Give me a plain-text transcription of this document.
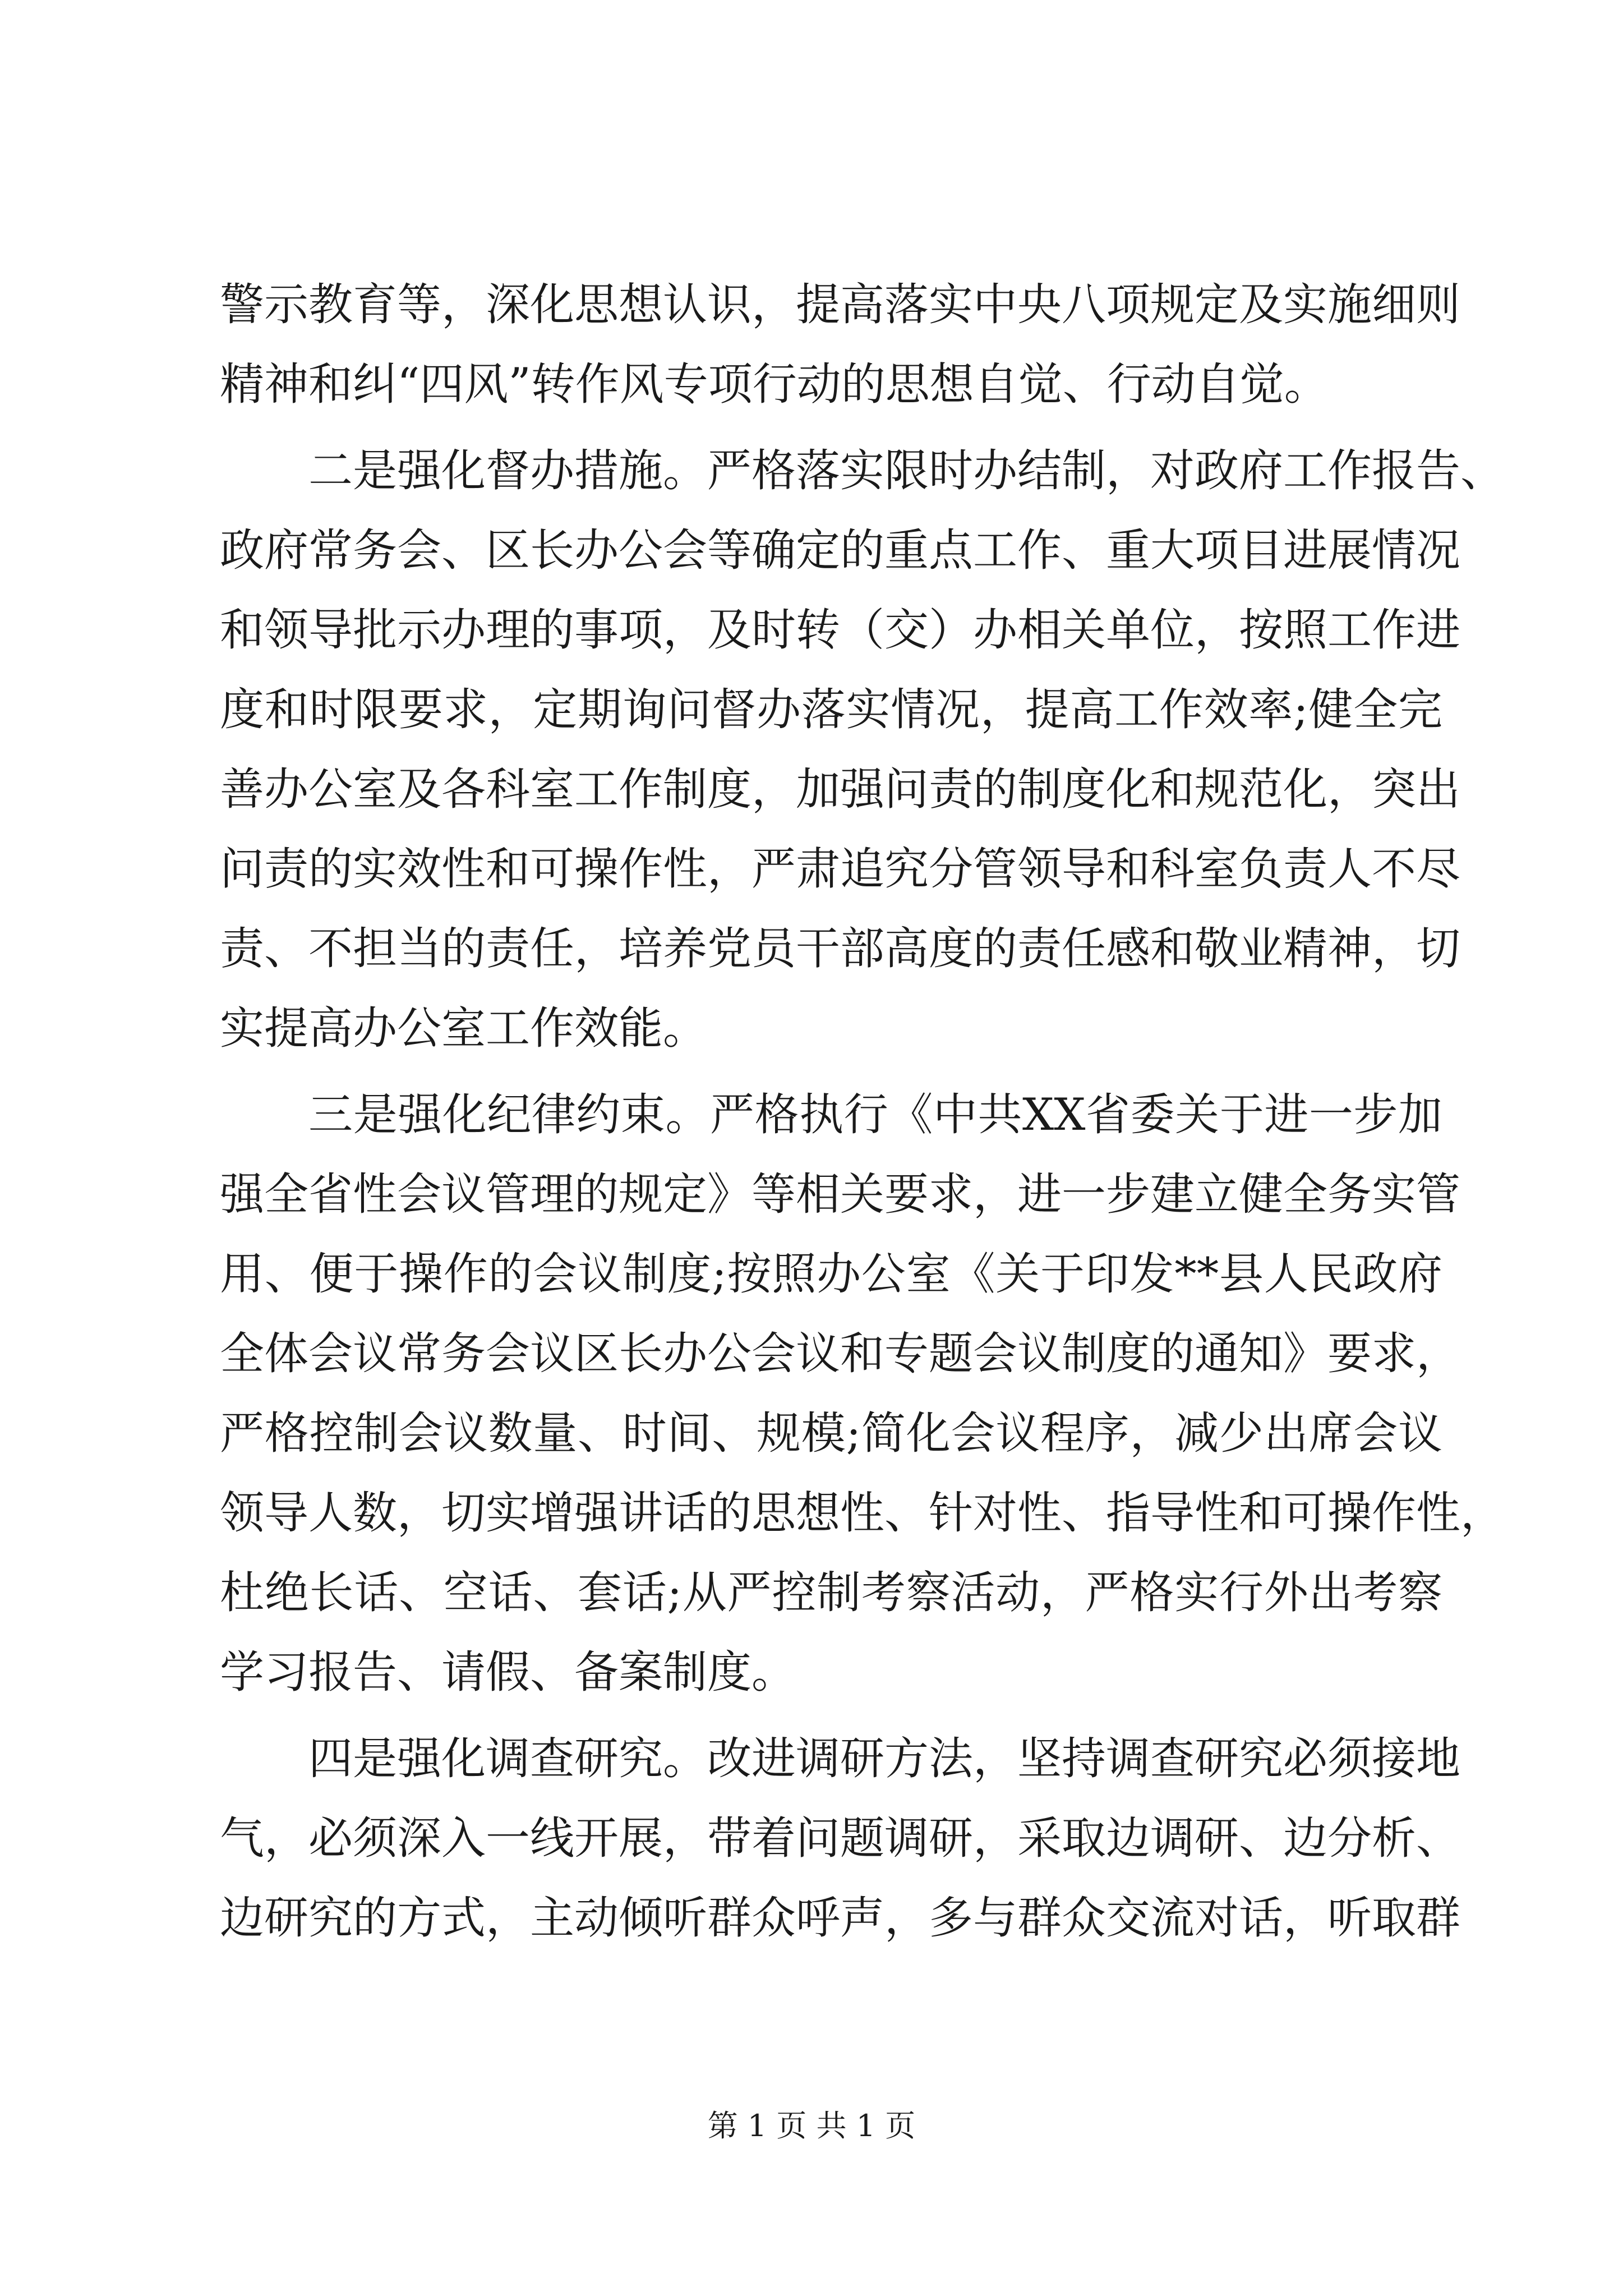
警示教育等，深化思想认识，提高落实中央八项规定及实施细则
精神和纠“四风”转作风专项行动的思想自觉、行动自觉。
二是强化督办措施。严格落实限时办结制，对政府工作报告、
政府常务会、区长办公会等确定的重点工作、重大项目进展情况
和领导批示办理的事项，及时转（交）办相关单位，按照工作进
度和时限要求，定期询问督办落实情况，提高工作效率;健全完
善办公室及各科室工作制度，加强问责的制度化和规范化，突出
问责的实效性和可操作性，严肃追究分管领导和科室负责人不尽
责、不担当的责任，培养党员干部高度的责任感和敬业精神，切
实提高办公室工作效能。
三是强化纪律约束。严格执行《中共XX省委关于进一步加
强全省性会议管理的规定》等相关要求，进一步建立健全务实管
用、便于操作的会议制度;按照办公室《关于印发**县人民政府
全体会议常务会议区长办公会议和专题会议制度的通知》要求，
严格控制会议数量、时间、规模;简化会议程序，减少出席会议
领导人数，切实增强讲话的思想性、针对性、指导性和可操作性，
杜绝长话、空话、套话;从严控制考察活动，严格实行外出考察
学习报告、请假、备案制度。
四是强化调查研究。改进调研方法，坚持调查研究必须接地
气，必须深入一线开展，带着问题调研，采取边调研、边分析、
边研究的方式，主动倾听群众呼声，多与群众交流对话，听取群
第 1 页 共 1 页
